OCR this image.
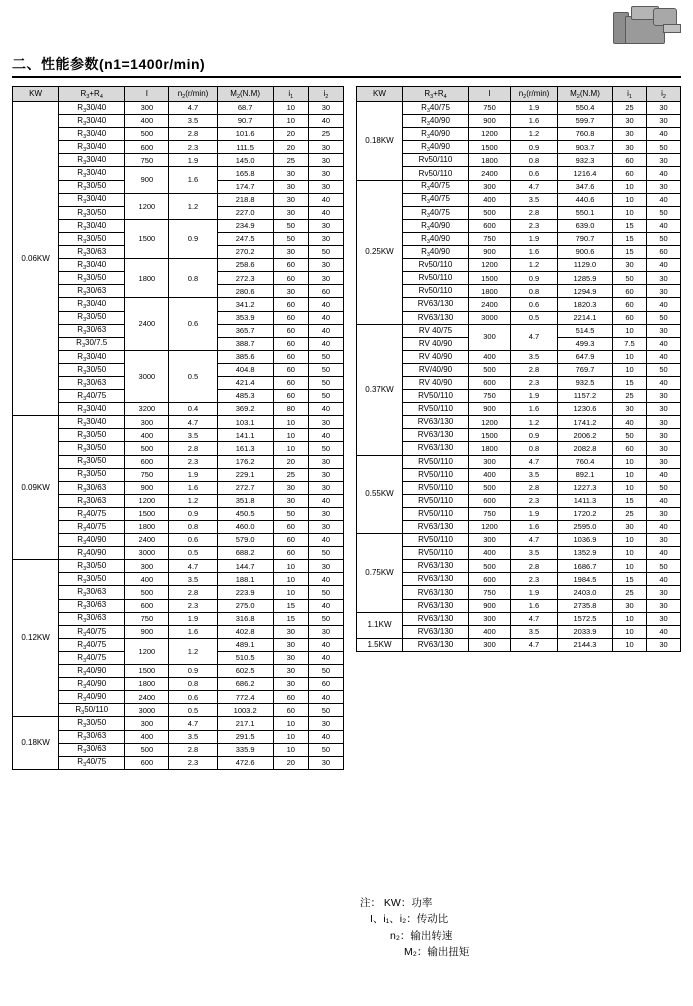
二、性能参数(n1=1400r/min)
KW	$R_3+R_4$	I	$n_2(r/\min)$	$M_2(N.M)$	$i_1$	$i_2$
0.06KW	$R_330/40$	300	4.7	68.7	10	30
	$R_330/40$	400	3.5	90.7	10	40
	$R_330/40$	500	2.8	101.6	20	25
	$R_330/40$	600	2.3	111.5	20	30
	$R_330/40$	750	1.9	145.0	25	30
	$R_330/40$	900	1.6	165.8	30	30
	$R_330/50$			174.7	30	30
	$R_330/40$	1200	1.2	218.8	30	40
	$R_330/50$			227.0	30	40
	$R_330/40$	1500	0.9	234.9	50	30
	$R_330/50$			247.5	50	30
	$R_330/63$			270.2	30	50
	$R_330/40$	1800	0.8	258.6	60	30
	$R_330/50$			272.3	60	30
	$R_330/63$			280.6	30	60
	$R_330/40$	2400	0.6	341.2	60	40
	$R_330/50$			353.9	60	40
	$R_330/63$			365.7	60	40
	$R_330/7.5$			388.7	60	40
	$R_330/40$	3000	0.5	385.6	60	50
	$R_330/50$			404.8	60	50
	$R_330/63$			421.4	60	50
	$R_340/75$			485.3	60	50
	$R_330/40$	3200	0.4	369.2	80	40
0.09KW	$R_330/40$	300	4.7	103.1	10	30
	$R_330/50$	400	3.5	141.1	10	40
	$R_330/50$	500	2.8	161.3	10	50
	$R_330/50$	600	2.3	176.2	20	30
	$R_330/50$	750	1.9	229.1	25	30
	$R_330/63$	900	1.6	272.7	30	30
	$R_330/63$	1200	1.2	351.8	30	40
	$R_340/75$	1500	0.9	450.5	50	30
	$R_340/75$	1800	0.8	460.0	60	30
	$R_340/90$	2400	0.6	579.0	60	40
	$R_340/90$	3000	0.5	688.2	60	50
0.12KW	$R_330/50$	300	4.7	144.7	10	30
	$R_330/50$	400	3.5	188.1	10	40
	$R_330/63$	500	2.8	223.9	10	50
	$R_330/63$	600	2.3	275.0	15	40
	$R_330/63$	750	1.9	316.8	15	50
	$R_340/75$	900	1.6	402.8	30	30
	$R_340/75$	1200	1.2	489.1	30	40
	$R_340/75$			510.5	30	40
	$R_340/90$	1500	0.9	602.5	30	50
	$R_340/90$	1800	0.8	686.2	30	60
	$R_340/90$	2400	0.6	772.4	60	40
	$R_350/110$	3000	0.5	1003.2	60	50
0.18KW	$R_330/50$	300	4.7	217.1	10	30
	$R_330/63$	400	3.5	291.5	10	40
	$R_330/63$	500	2.8	335.9	10	50
	$R_340/75$	600	2.3	472.6	20	30
KW	$R_3+R_4$	I	$n_2(r/\min)$	$M_2(N.M)$	$i_1$	$i_2$
0.18KW	$R_340/75$	750	1.9	550.4	25	30
	$R_340/90$	900	1.6	599.7	30	30
	$R_340/90$	1200	1.2	760.8	30	40
	$R_340/90$	1500	0.9	903.7	30	50
	Rv50/110	1800	0.8	932.3	60	30
	Rv50/110	2400	0.6	1216.4	60	40
0.25KW	$R_340/75$	300	4.7	347.6	10	30
	$R_340/75$	400	3.5	440.6	10	40
	$R_340/75$	500	2.8	550.1	10	50
	$R_340/90$	600	2.3	639.0	15	40
	$R_340/90$	750	1.9	790.7	15	50
	$R_340/90$	900	1.6	900.6	15	60
	Rv50/110	1200	1.2	1129.0	30	40
	Rv50/110	1500	0.9	1285.9	50	30
	Rv50/110	1800	0.8	1294.9	60	30
	RV63/130	2400	0.6	1820.3	60	40
	RV63/130	3000	0.5	2214.1	60	50
0.37KW	RV 40/75	300	4.7	514.5	10	30
	RV 40/90			499.3	7.5	40
	RV 40/90	400	3.5	647.9	10	40
	RV/40/90	500	2.8	769.7	10	50
	RV 40/90	600	2.3	932.5	15	40
	RV50/110	750	1.9	1157.2	25	30
	RV50/110	900	1.6	1230.6	30	30
	RV63/130	1200	1.2	1741.2	40	30
	RV63/130	1500	0.9	2006.2	50	30
	RV63/130	1800	0.8	2082.8	60	30
0.55KW	RV50/110	300	4.7	760.4	10	30
	RV50/110	400	3.5	892.1	10	40
	RV50/110	500	2.8	1227.3	10	50
	RV50/110	600	2.3	1411.3	15	40
	RV50/110	750	1.9	1720.2	25	30
	RV63/130	1200	1.6	2595.0	30	40
0.75KW	RV50/110	300	4.7	1036.9	10	30
	RV50/110	400	3.5	1352.9	10	40
	RV63/130	500	2.8	1686.7	10	50
	RV63/130	600	2.3	1984.5	15	40
	RV63/130	750	1.9	2403.0	25	30
	RV63/130	900	1.6	2735.8	30	30
1.1KW	RV63/130	300	4.7	1572.5	10	30
	RV63/130	400	3.5	2033.9	10	40
1.5KW	RV63/130	300	4.7	2144.3	10	30
注： KW：功率
I、i₁、i₂：传动比
n₂：输出转速
M₂：输出扭矩
